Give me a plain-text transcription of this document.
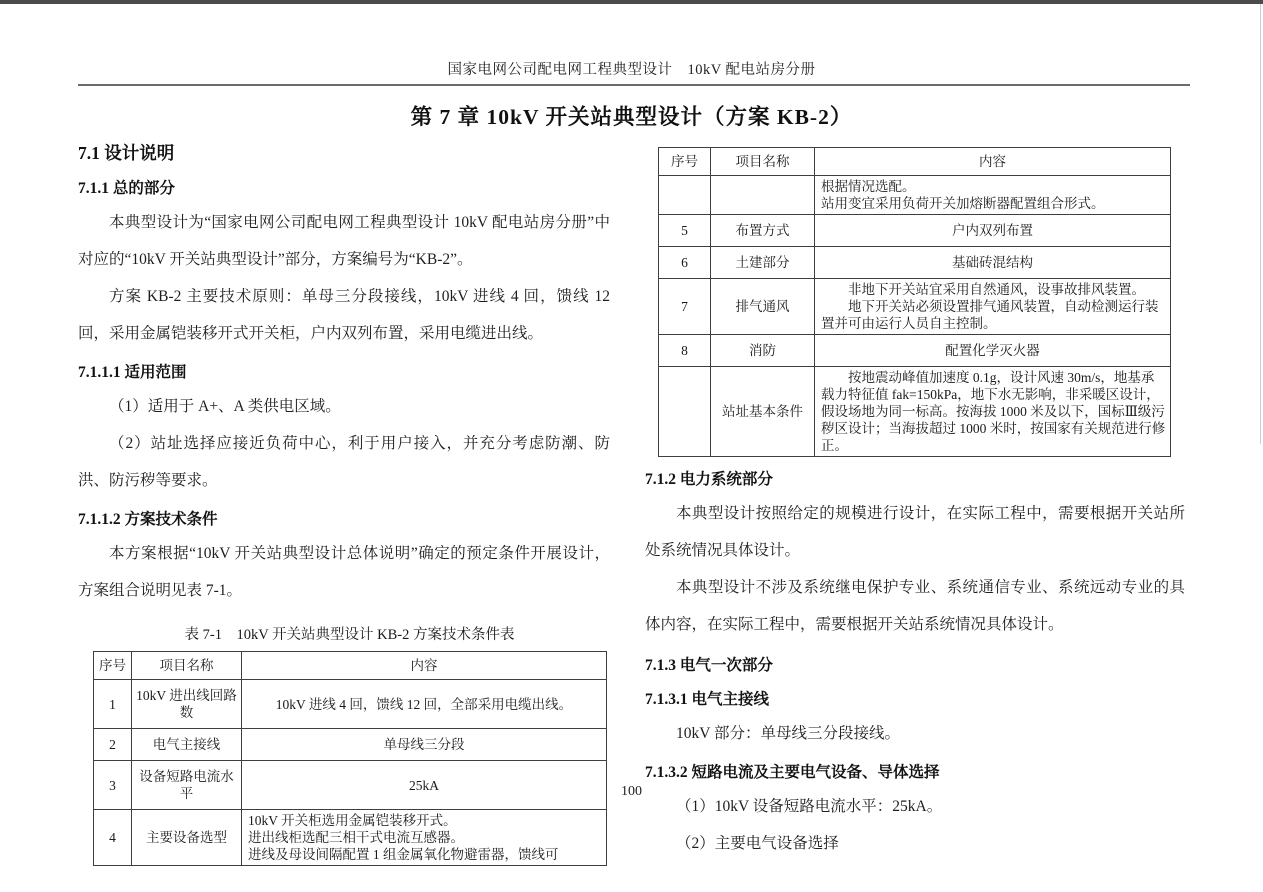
国家电网公司配电网工程典型设计　10kV 配电站房分册
第 7 章 10kV 开关站典型设计（方案 KB-2）
7.1 设计说明
7.1.1 总的部分

本典型设计为“国家电网公司配电网工程典型设计 10kV 配电站房分册”中对应的“10kV 开关站典型设计”部分，方案编号为“KB-2”。

方案 KB-2 主要技术原则：单母三分段接线，10kV 进线 4 回，馈线 12 回，采用金属铠装移开式开关柜，户内双列布置，采用电缆进出线。

7.1.1.1 适用范围

（1）适用于 A+、A 类供电区域。

（2）站址选择应接近负荷中心，利于用户接入，并充分考虑防潮、防洪、防污秽等要求。

7.1.1.2 方案技术条件

本方案根据“10kV 开关站典型设计总体说明”确定的预定条件开展设计，方案组合说明见表 7-1。

表 7-1　10kV 开关站典型设计 KB-2 方案技术条件表
序号	项目名称	内容
1	10kV 进出线回路数	10kV 进线 4 回，馈线 12 回，全部采用电缆出线。
2	电气主接线	单母线三分段
3	设备短路电流水平	25kA
4	主要设备选型	10kV 开关柜选用金属铠装移开式。
进出线柜选配三相干式电流互感器。
进线及母设间隔配置 1 组金属氧化物避雷器，馈线可
序号	项目名称	内容

		根据情况选配。
站用变宜采用负荷开关加熔断器配置组合形式。

5	布置方式	户内双列布置
6	土建部分	基础砖混结构
7	排气通风	非地下开关站宜采用自然通风，设事故排风装置。
地下开关站必须设置排气通风装置，自动检测运行装
置并可由运行人员自主控制。

8	消防	配置化学灭火器
	站址基本条件	按地震动峰值加速度 0.1g，设计风速 30m/s，地基承
载力特征值 fak=150kPa，地下水无影响，非采暖区设计，
假设场地为同一标高。按海拔 1000 米及以下，国标Ⅲ级污
秽区设计；当海拔超过 1000 米时，按国家有关规范进行修
正。
7.1.2 电力系统部分

本典型设计按照给定的规模进行设计，在实际工程中，需要根据开关站所处系统情况具体设计。

本典型设计不涉及系统继电保护专业、系统通信专业、系统远动专业的具体内容，在实际工程中，需要根据开关站系统情况具体设计。

7.1.3 电气一次部分
7.1.3.1 电气主接线

10kV 部分：单母线三分段接线。

7.1.3.2 短路电流及主要电气设备、导体选择

（1）10kV 设备短路电流水平：25kA。

（2）主要电气设备选择

100
